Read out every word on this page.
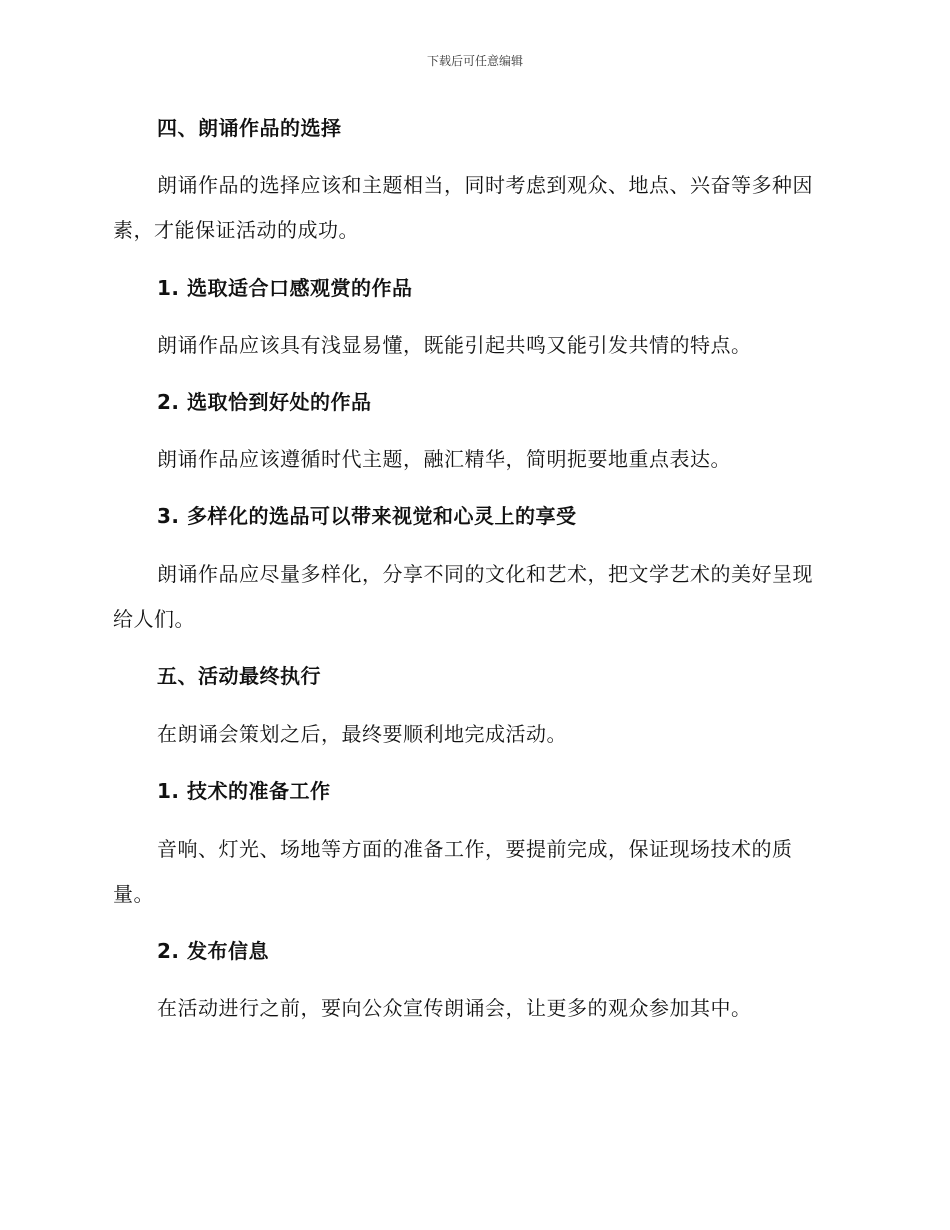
下载后可任意编辑
四、朗诵作品的选择
朗诵作品的选择应该和主题相当，同时考虑到观众、地点、兴奋等多种因素，才能保证活动的成功。
1. 选取适合口感观赏的作品
朗诵作品应该具有浅显易懂，既能引起共鸣又能引发共情的特点。
2. 选取恰到好处的作品
朗诵作品应该遵循时代主题，融汇精华，简明扼要地重点表达。
3. 多样化的选品可以带来视觉和心灵上的享受
朗诵作品应尽量多样化，分享不同的文化和艺术，把文学艺术的美好呈现给人们。
五、活动最终执行
在朗诵会策划之后，最终要顺利地完成活动。
1. 技术的准备工作
音响、灯光、场地等方面的准备工作，要提前完成，保证现场技术的质量。
2. 发布信息
在活动进行之前，要向公众宣传朗诵会，让更多的观众参加其中。
